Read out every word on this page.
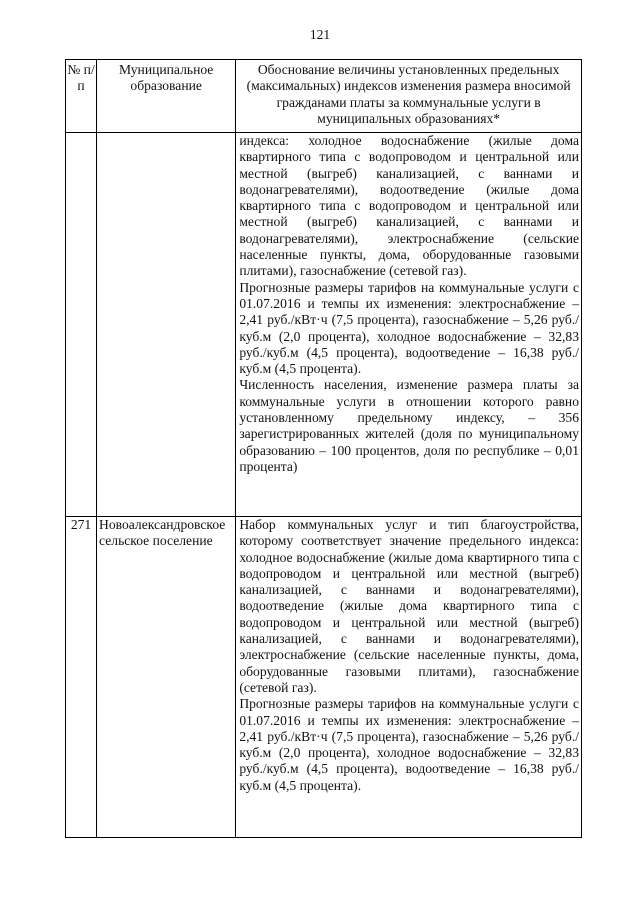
121
№ п/п	Муниципальное образование	Обоснование величины установленных предельных (максимальных) индексов изменения размера вносимой гражданами платы за коммунальные услуги в муниципальных образованиях*

		индекса: холодное водоснабжение (жилые дома квартирного типа с водопроводом и центральной или местной (выгреб) канализацией, с ваннами и водонагревателями), водоотведение (жилые дома квартирного типа с водопроводом и центральной или местной (выгреб) канализацией, с ваннами и водонагревателями), электроснабжение (сельские населенные пункты, дома, оборудованные газовыми плитами), газоснабжение (сетевой газ).

Прогнозные размеры тарифов на коммунальные услуги с 01.07.2016 и темпы их изменения: электроснабжение – 2,41 руб./кВт·ч (7,5 процента), газоснабжение – 5,26 руб./куб.м (2,0 процента), холодное водоснабжение – 32,83 руб./куб.м (4,5 процента), водоотведение – 16,38 руб./куб.м (4,5 процента).

Численность населения, изменение размера платы за коммунальные услуги в отношении которого равно установленному предельному индексу, – 356 зарегистрированных жителей (доля по муниципальному образованию – 100 процентов, доля по республике – 0,01 процента)

271	Новоалександровское сельское поселение	Набор коммунальных услуг и тип благоустройства, которому соответствует значение предельного индекса: холодное водоснабжение (жилые дома квартирного типа с водопроводом и центральной или местной (выгреб) канализацией, с ваннами и водонагревателями), водоотведение (жилые дома квартирного типа с водопроводом и центральной или местной (выгреб) канализацией, с ваннами и водонагревателями), электроснабжение (сельские населенные пункты, дома, оборудованные газовыми плитами), газоснабжение (сетевой газ).

Прогнозные размеры тарифов на коммунальные услуги с 01.07.2016 и темпы их изменения: электроснабжение – 2,41 руб./кВт·ч (7,5 процента), газоснабжение – 5,26 руб./куб.м (2,0 процента), холодное водоснабжение – 32,83 руб./куб.м (4,5 процента), водоотведение – 16,38 руб./куб.м (4,5 процента).
